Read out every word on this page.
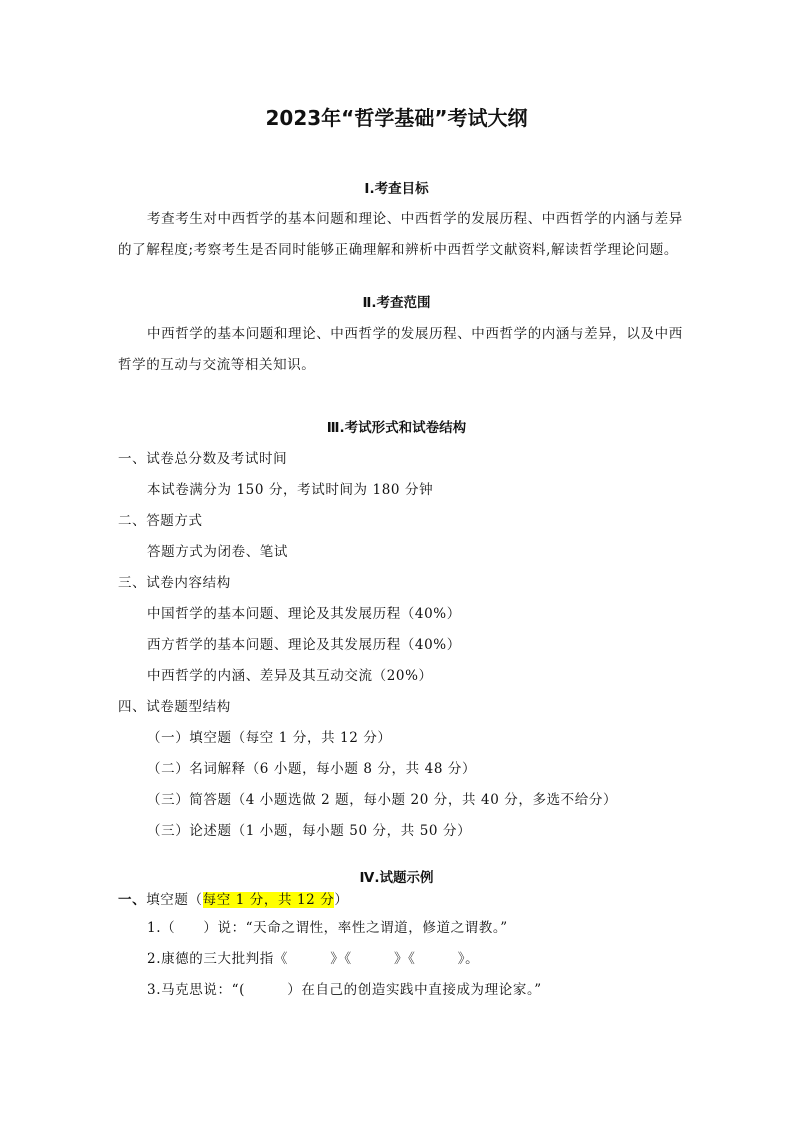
2023年“哲学基础”考试大纲
Ⅰ.考查目标
考查考生对中西哲学的基本问题和理论、中西哲学的发展历程、中西哲学的内涵与差异
的了解程度;考察考生是否同时能够正确理解和辨析中西哲学文献资料,解读哲学理论问题。
Ⅱ.考查范围
中西哲学的基本问题和理论、中西哲学的发展历程、中西哲学的内涵与差异，以及中西
哲学的互动与交流等相关知识。
Ⅲ.考试形式和试卷结构
一、试卷总分数及考试时间
本试卷满分为 150 分，考试时间为 180 分钟
二、答题方式
答题方式为闭卷、笔试
三、试卷内容结构
中国哲学的基本问题、理论及其发展历程（40%）
西方哲学的基本问题、理论及其发展历程（40%）
中西哲学的内涵、差异及其互动交流（20%）
四、试卷题型结构
（一）填空题（每空 1 分，共 12 分）
（二）名词解释（6 小题，每小题 8 分，共 48 分）
（三）简答题（4 小题选做 2 题，每小题 20 分，共 40 分，多选不给分）
（三）论述题（1 小题，每小题 50 分，共 50 分）
Ⅳ.试题示例
一、填空题（每空 1 分，共 12 分）
1.（　　）说：“天命之谓性，率性之谓道，修道之谓教。”
2.康德的三大批判指《　　　》《　　　》《　　　》。
3.马克思说：“(　　　）在自己的创造实践中直接成为理论家。”
